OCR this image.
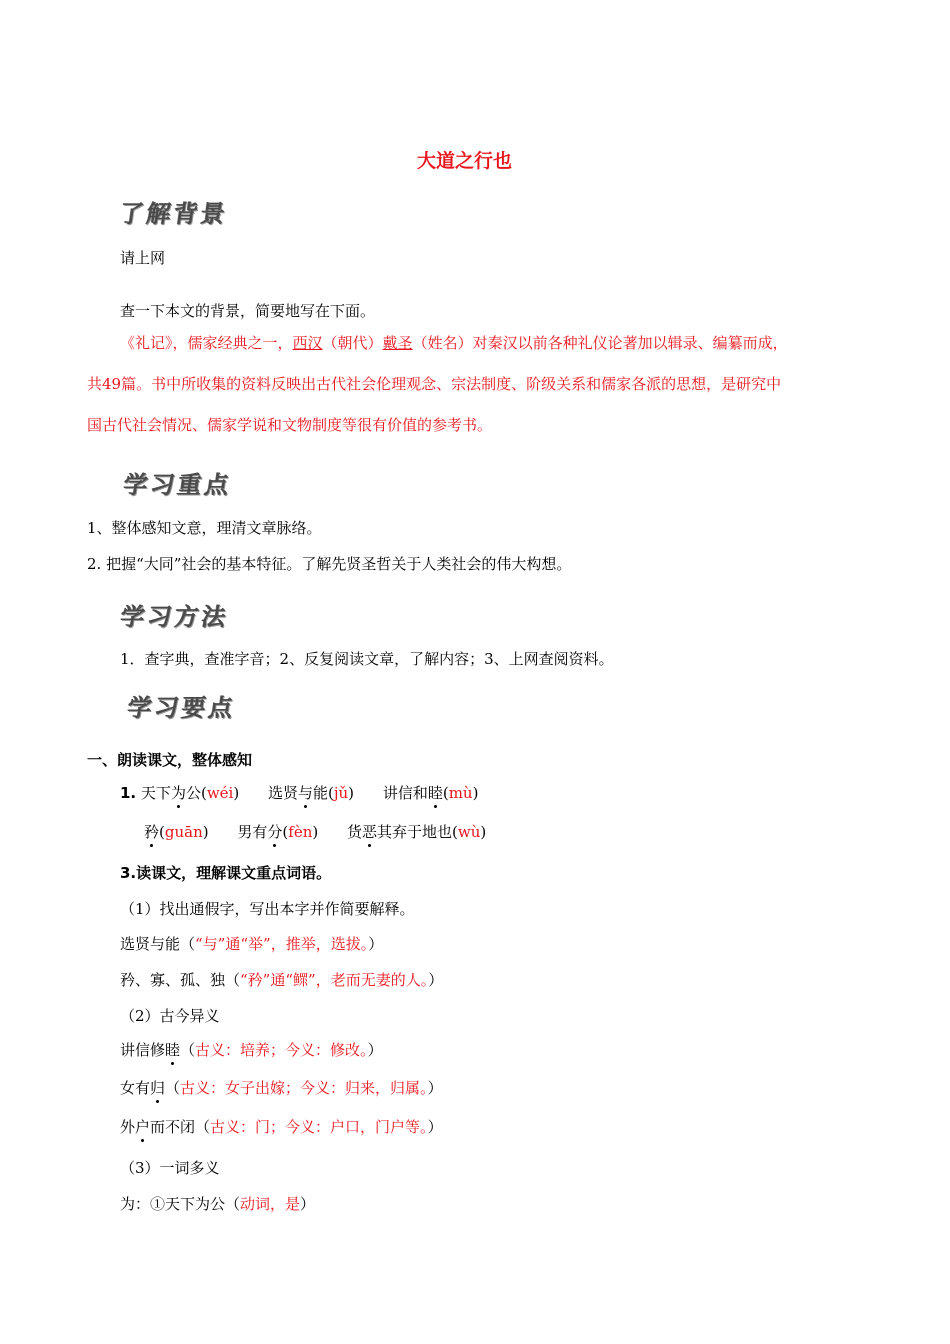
大道之行也
了解背景
请上网
查一下本文的背景，简要地写在下面。
《礼记》，儒家经典之一，西汉（朝代）戴圣（姓名）对秦汉以前各种礼仪论著加以辑录、编纂而成，
共49篇。书中所收集的资料反映出古代社会伦理观念、宗法制度、阶级关系和儒家各派的思想，是研究中
国古代社会情况、儒家学说和文物制度等很有价值的参考书。
学习重点
1、整体感知文意，理清文章脉络。
2. 把握“大同”社会的基本特征。了解先贤圣哲关于人类社会的伟大构想。
学习方法
1．查字典，查准字音；2、反复阅读文章，了解内容；3、上网查阅资料。
学习要点
一、朗读课文，整体感知
1. 天下为公(wéi) 选贤与能(jǔ) 讲信和睦(mù)
矜(guān) 男有分(fèn) 货恶其弃于地也(wù)
3.读课文，理解课文重点词语。
（1）找出通假字，写出本字并作简要解释。
选贤与能（“与”通“举”，推举，选拔。）
矜、寡、孤、独（“矜”通“鳏”，老而无妻的人。）
（2）古今异义
讲信修睦（古义：培养；今义：修改。）
女有归（古义：女子出嫁；今义：归来，归属。）
外户而不闭（古义：门；今义：户口，门户等。）
（3）一词多义
为：①天下为公（动词，是）
